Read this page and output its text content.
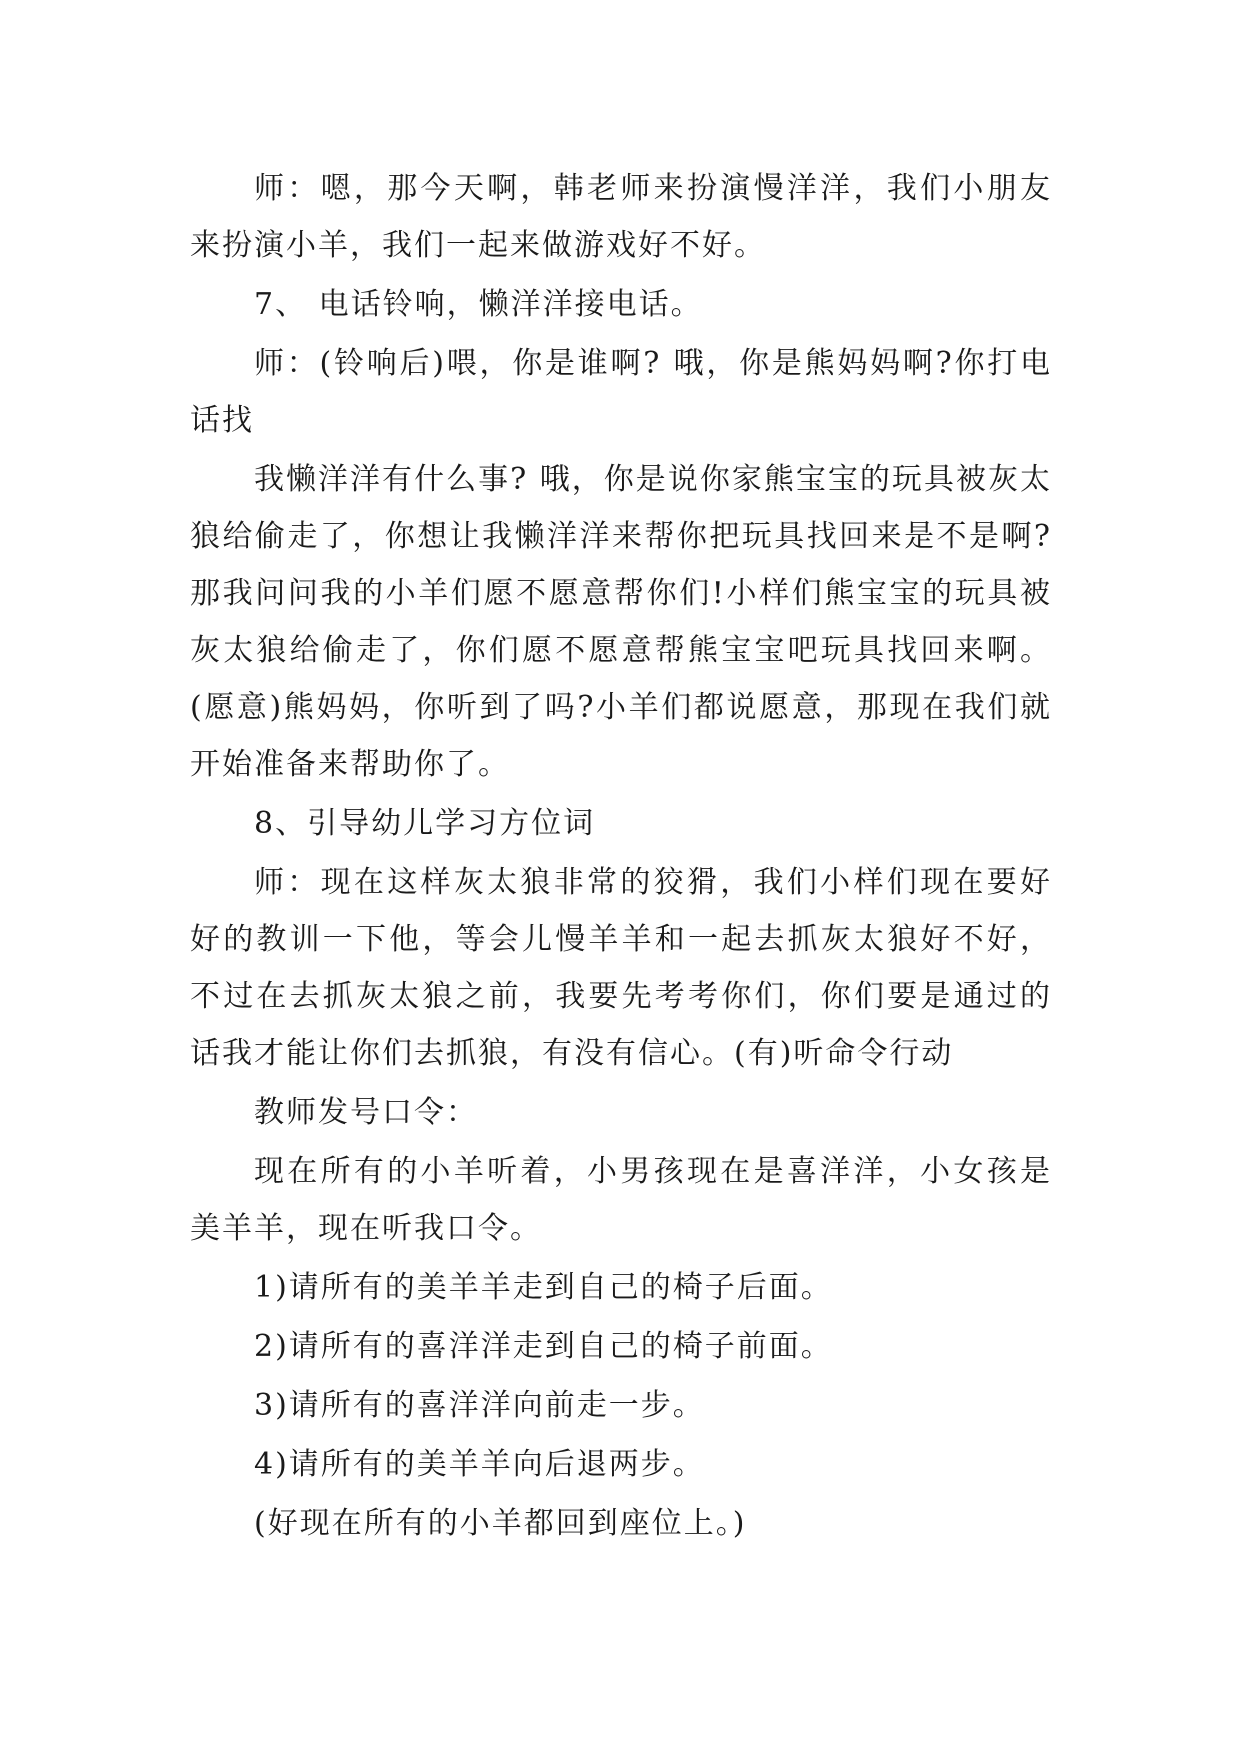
师：嗯，那今天啊，韩老师来扮演慢洋洋，我们小朋友来扮演小羊，我们一起来做游戏好不好。

7、 电话铃响，懒洋洋接电话。

师：(铃响后)喂，你是谁啊? 哦，你是熊妈妈啊?你打电话找

我懒洋洋有什么事? 哦，你是说你家熊宝宝的玩具被灰太狼给偷走了，你想让我懒洋洋来帮你把玩具找回来是不是啊?那我问问我的小羊们愿不愿意帮你们!小样们熊宝宝的玩具被灰太狼给偷走了，你们愿不愿意帮熊宝宝吧玩具找回来啊。(愿意)熊妈妈，你听到了吗?小羊们都说愿意，那现在我们就开始准备来帮助你了。

8、引导幼儿学习方位词

师：现在这样灰太狼非常的狡猾，我们小样们现在要好好的教训一下他，等会儿慢羊羊和一起去抓灰太狼好不好，不过在去抓灰太狼之前，我要先考考你们，你们要是通过的话我才能让你们去抓狼，有没有信心。(有)听命令行动

教师发号口令：

现在所有的小羊听着，小男孩现在是喜洋洋，小女孩是美羊羊，现在听我口令。

1)请所有的美羊羊走到自己的椅子后面。

2)请所有的喜洋洋走到自己的椅子前面。

3)请所有的喜洋洋向前走一步。

4)请所有的美羊羊向后退两步。

(好现在所有的小羊都回到座位上。)
